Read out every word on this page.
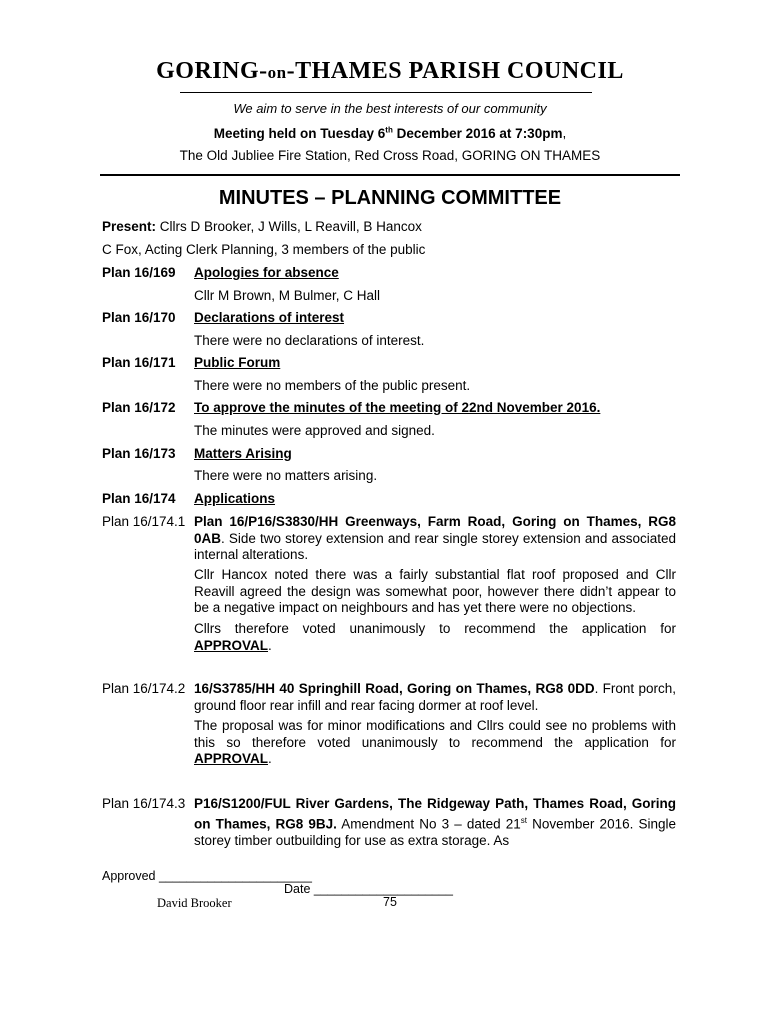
GORING-on-THAMES PARISH COUNCIL
We aim to serve in the best interests of our community
Meeting held on Tuesday 6th December 2016 at 7:30pm,
The Old Jubliee Fire Station, Red Cross Road, GORING ON THAMES
MINUTES – PLANNING COMMITTEE
Present: Cllrs D Brooker, J Wills, L Reavill, B Hancox
C Fox, Acting Clerk Planning, 3 members of the public
Plan 16/169 Apologies for absence
Cllr M Brown, M Bulmer, C Hall
Plan 16/170 Declarations of interest
There were no declarations of interest.
Plan 16/171 Public Forum
There were no members of the public present.
Plan 16/172 To approve the minutes of the meeting of 22nd November 2016.
The minutes were approved and signed.
Plan 16/173 Matters Arising
There were no matters arising.
Plan 16/174 Applications
Plan 16/174.1 Plan 16/P16/S3830/HH Greenways, Farm Road, Goring on Thames, RG8 0AB. Side two storey extension and rear single storey extension and associated internal alterations.
Cllr Hancox noted there was a fairly substantial flat roof proposed and Cllr Reavill agreed the design was somewhat poor, however there didn’t appear to be a negative impact on neighbours and has yet there were no objections.
Cllrs therefore voted unanimously to recommend the application for APPROVAL.
Plan 16/174.2 16/S3785/HH 40 Springhill Road, Goring on Thames, RG8 0DD. Front porch, ground floor rear infill and rear facing dormer at roof level.
The proposal was for minor modifications and Cllrs could see no problems with this so therefore voted unanimously to recommend the application for APPROVAL.
Plan 16/174.3 P16/S1200/FUL River Gardens, The Ridgeway Path, Thames Road, Goring on Thames, RG8 9BJ. Amendment No 3 – dated 21st November 2016. Single storey timber outbuilding for use as extra storage. As
Approved ______________________
Date ____________________
David Brooker	75
